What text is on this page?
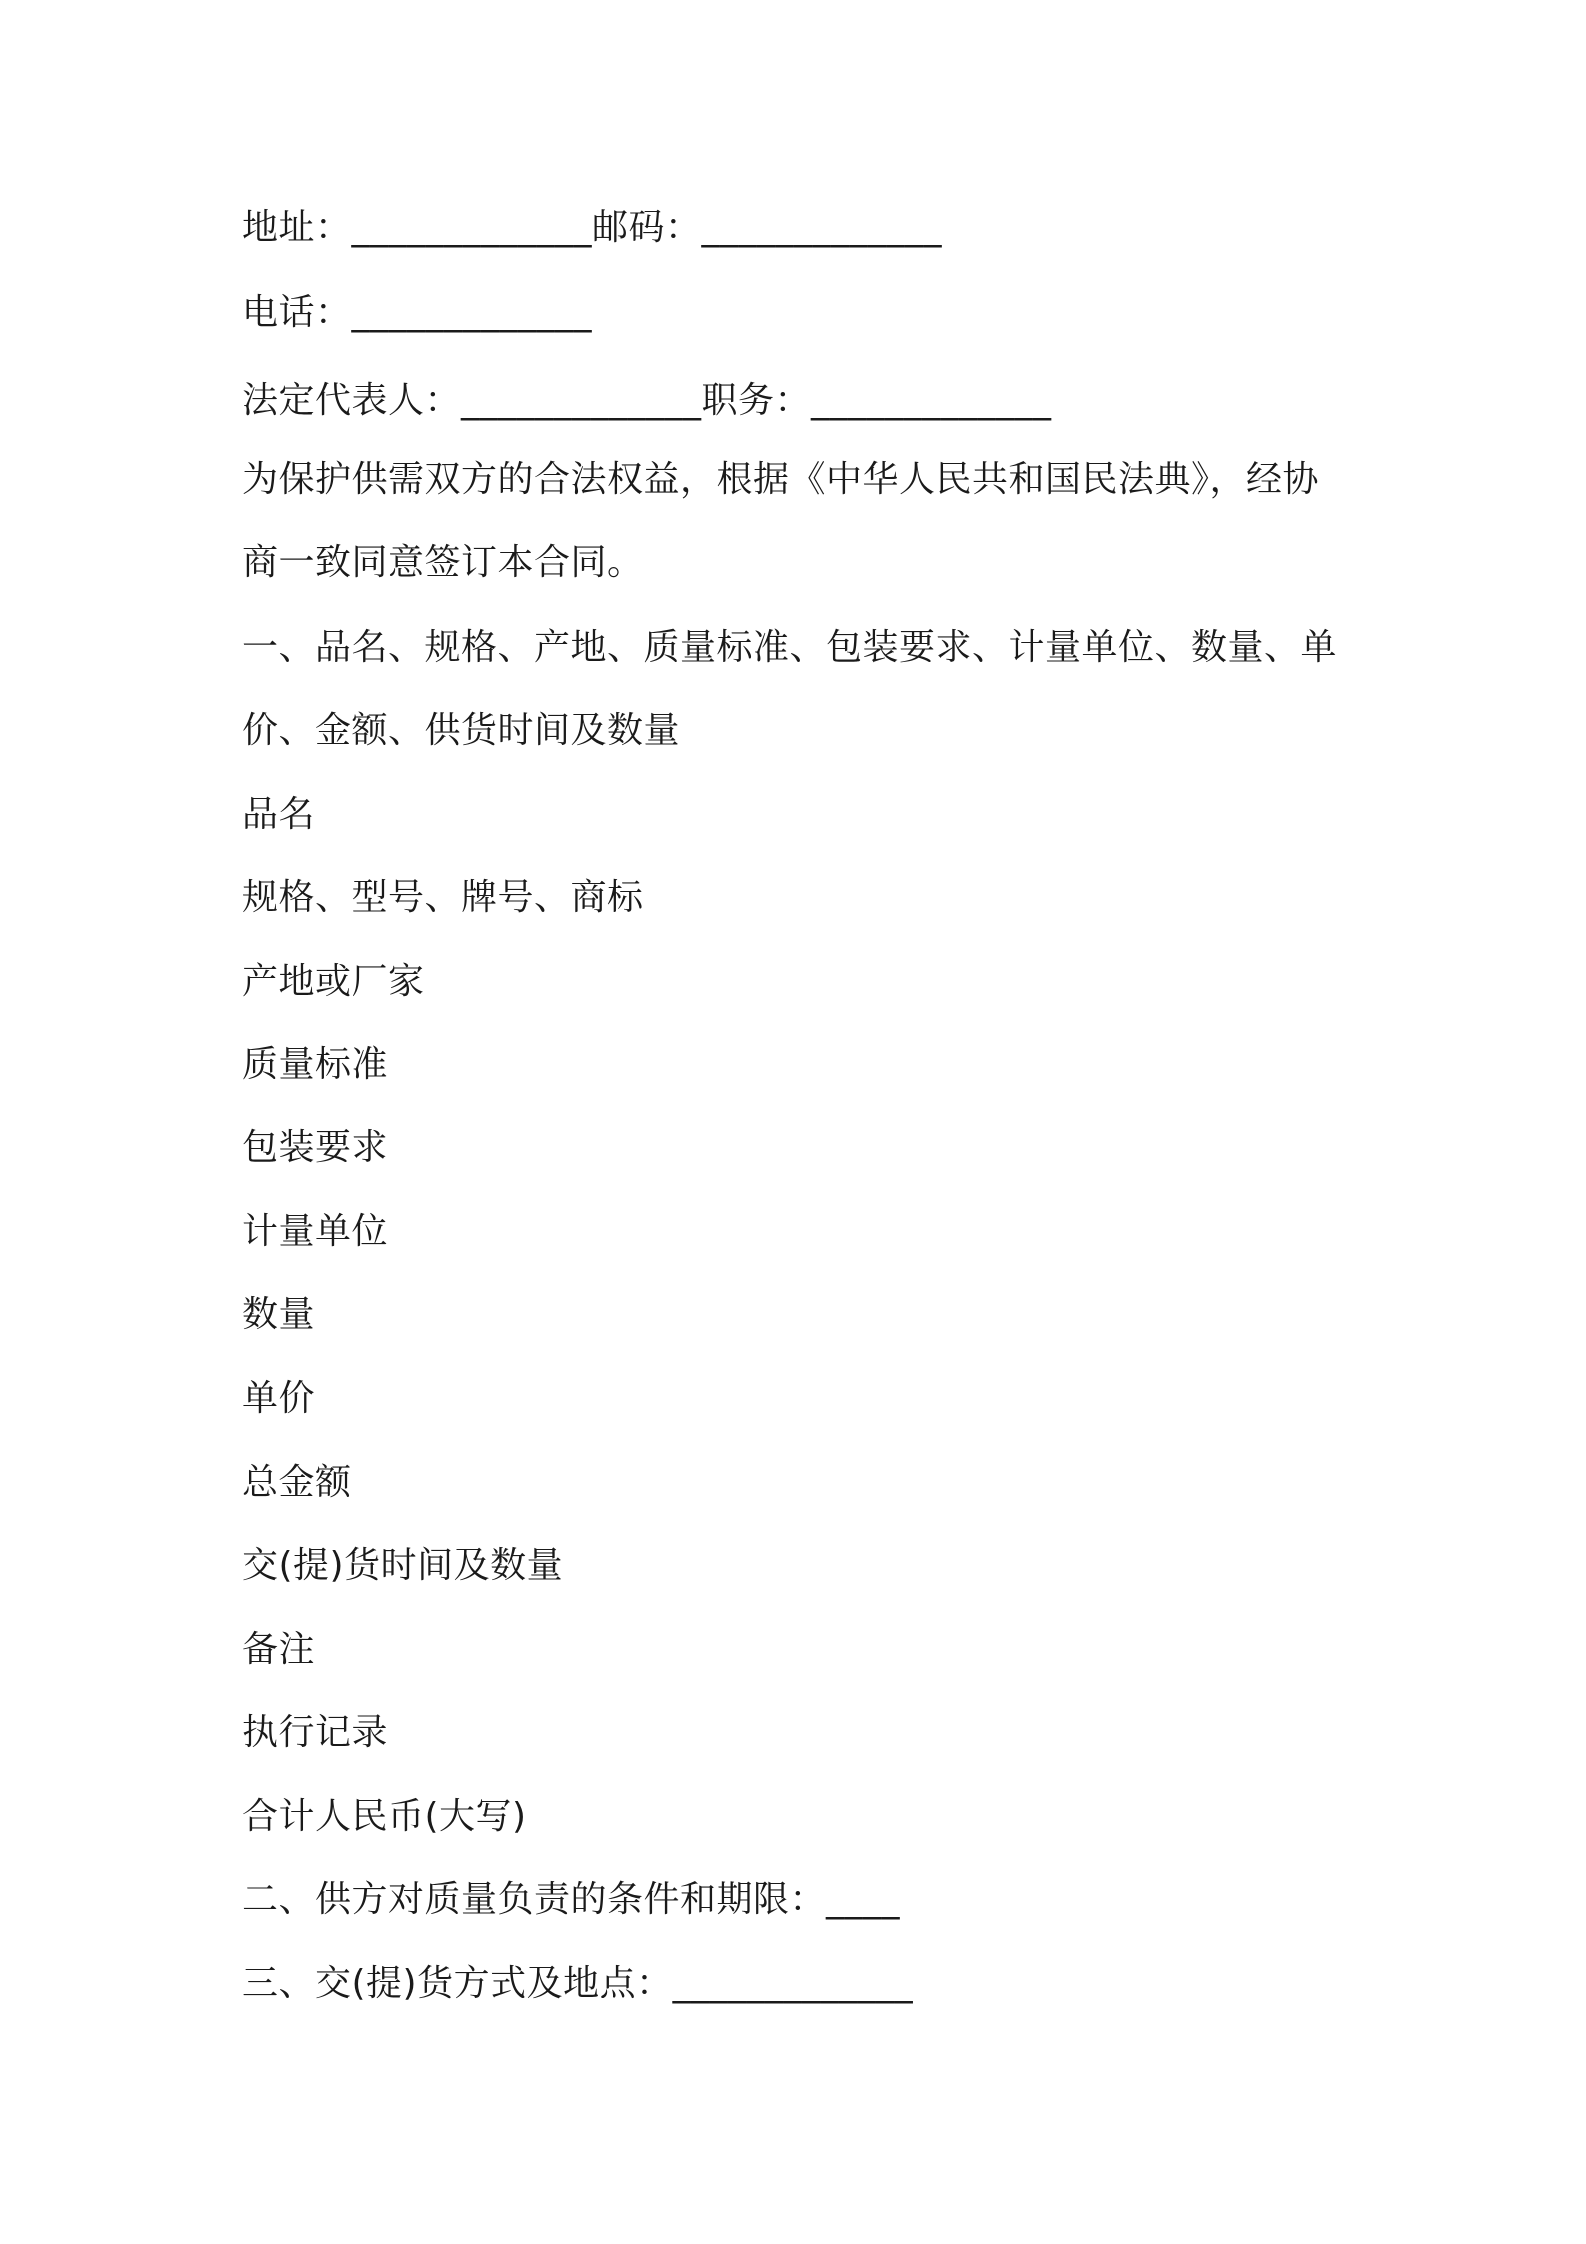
地址：_____________邮码：_____________
电话：_____________
法定代表人：_____________职务：_____________
为保护供需双方的合法权益，根据《中华人民共和国民法典》，经协
商一致同意签订本合同。
一、品名、规格、产地、质量标准、包装要求、计量单位、数量、单
价、金额、供货时间及数量
品名
规格、型号、牌号、商标
产地或厂家
质量标准
包装要求
计量单位
数量
单价
总金额
交(提)货时间及数量
备注
执行记录
合计人民币(大写)
二、供方对质量负责的条件和期限：____
三、交(提)货方式及地点：_____________
